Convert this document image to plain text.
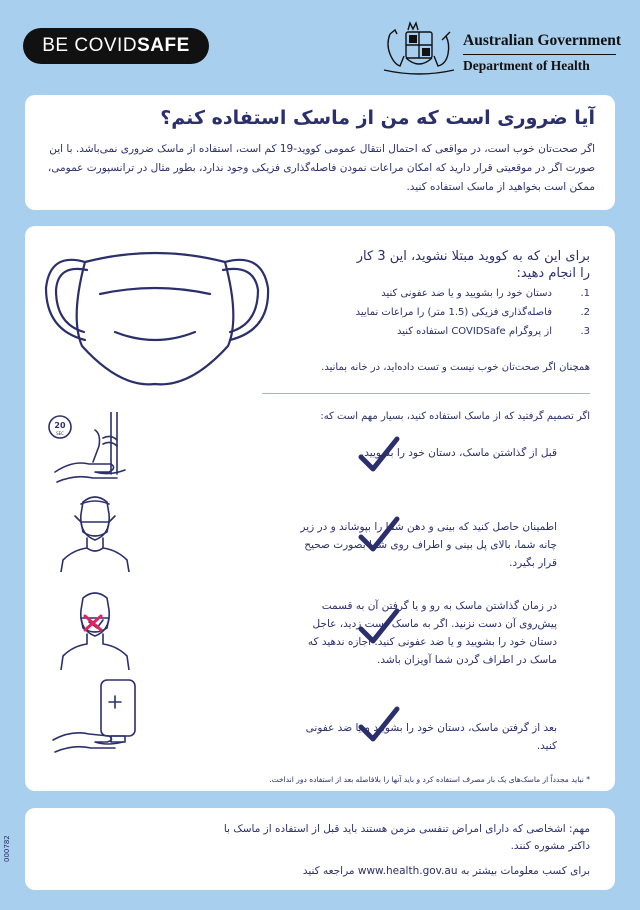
BE COVID SAFE	Australian Government
Department of Health
آیا ضروری است که من از ماسک استفاده کنم؟
اگر صحت‌تان خوب است، در مواقعی که احتمال انتقال عمومی کووید-19 کم است، استفاده از ماسک ضروری نمی‌باشد. با این صورت اگر در موقعیتی قرار دارید که امکان مراعات نمودن فاصله‌گذاری فزیکی وجود ندارد، بطور مثال در ترانسپورت عمومی، ممکن است بخواهید از ماسک استفاده کنید.
برای این که به کووید مبتلا نشوید، این 3 کار را انجام دهید:
1.
دستان خود را بشویید و یا ضد عفونی کنید
2.
فاصله‌گذاری فزیکی (1.5 متر) را مراعات نمایید
3.
از پروگرام COVIDSafe استفاده کنید
همچنان اگر صحت‌تان خوب نیست و تست داده‌اید، در خانه بمانید.
اگر تصمیم گرفتید که از ماسک استفاده کنید، بسیار مهم است که:
20
SEC
قبل از گذاشتن ماسک، دستان خود را بشویید.
اطمینان حاصل کنید که بینی و دهن شما را بپوشاند و در زیر چانه شما، بالای پل بینی و اطراف روی شما بصورت صحیح قرار بگیرد.
در زمان گذاشتن ماسک به رو و یا گرفتن آن به قسمت پیش‌روی آن دست نزنید. اگر به ماسک دست زدید، عاجل دستان خود را بشویید و یا ضد عفونی کنید. اجازه ندهید که ماسک در اطراف گردن شما آویزان باشد.
بعد از گرفتن ماسک، دستان خود را بشویید و یا ضد عفونی کنید.
* نباید مجدداً از ماسک‌های یک بار مصرف استفاده کرد و باید آنها را بلافاصله بعد از استفاده دور انداخت.
مهم: اشخاصی که دارای امراض تنفسی مزمن هستند باید قبل از استفاده از ماسک با داکتر مشوره کنند.
برای کسب معلومات بیشتر به www.health.gov.au مراجعه کنید
000782
